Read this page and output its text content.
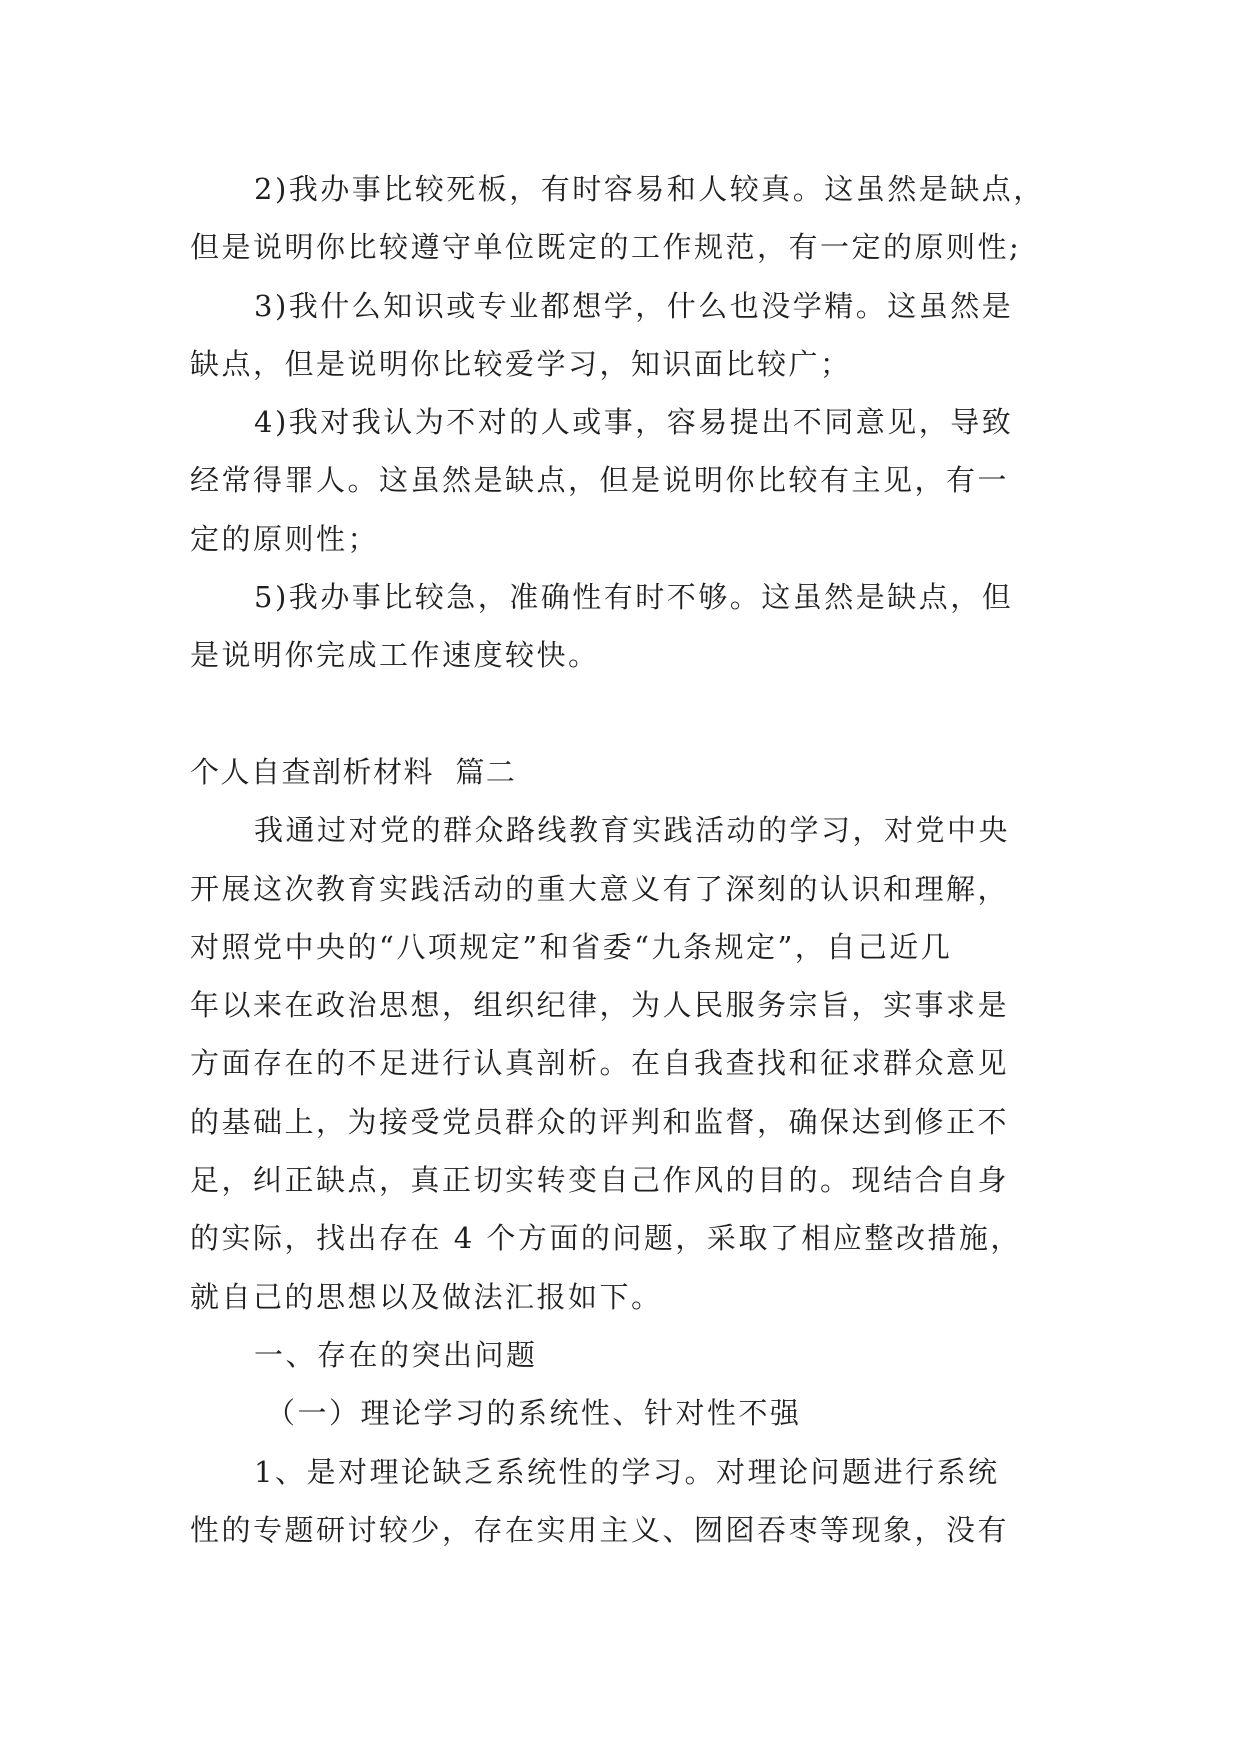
2)我办事比较死板，有时容易和人较真。这虽然是缺点，
但是说明你比较遵守单位既定的工作规范，有一定的原则性;
3)我什么知识或专业都想学，什么也没学精。这虽然是
缺点，但是说明你比较爱学习，知识面比较广；
4)我对我认为不对的人或事，容易提出不同意见，导致
经常得罪人。这虽然是缺点，但是说明你比较有主见，有一
定的原则性；
5)我办事比较急，准确性有时不够。这虽然是缺点，但
是说明你完成工作速度较快。
个人自查剖析材料  篇二
我通过对党的群众路线教育实践活动的学习，对党中央
开展这次教育实践活动的重大意义有了深刻的认识和理解，
对照党中央的“八项规定”和省委“九条规定”，自己近几
年以来在政治思想，组织纪律，为人民服务宗旨，实事求是
方面存在的不足进行认真剖析。在自我查找和征求群众意见
的基础上，为接受党员群众的评判和监督，确保达到修正不
足，纠正缺点，真正切实转变自己作风的目的。现结合自身
的实际，找出存在 4 个方面的问题，采取了相应整改措施，
就自己的思想以及做法汇报如下。
一、存在的突出问题
（一）理论学习的系统性、针对性不强
1、是对理论缺乏系统性的学习。对理论问题进行系统
性的专题研讨较少，存在实用主义、囫囵吞枣等现象，没有
